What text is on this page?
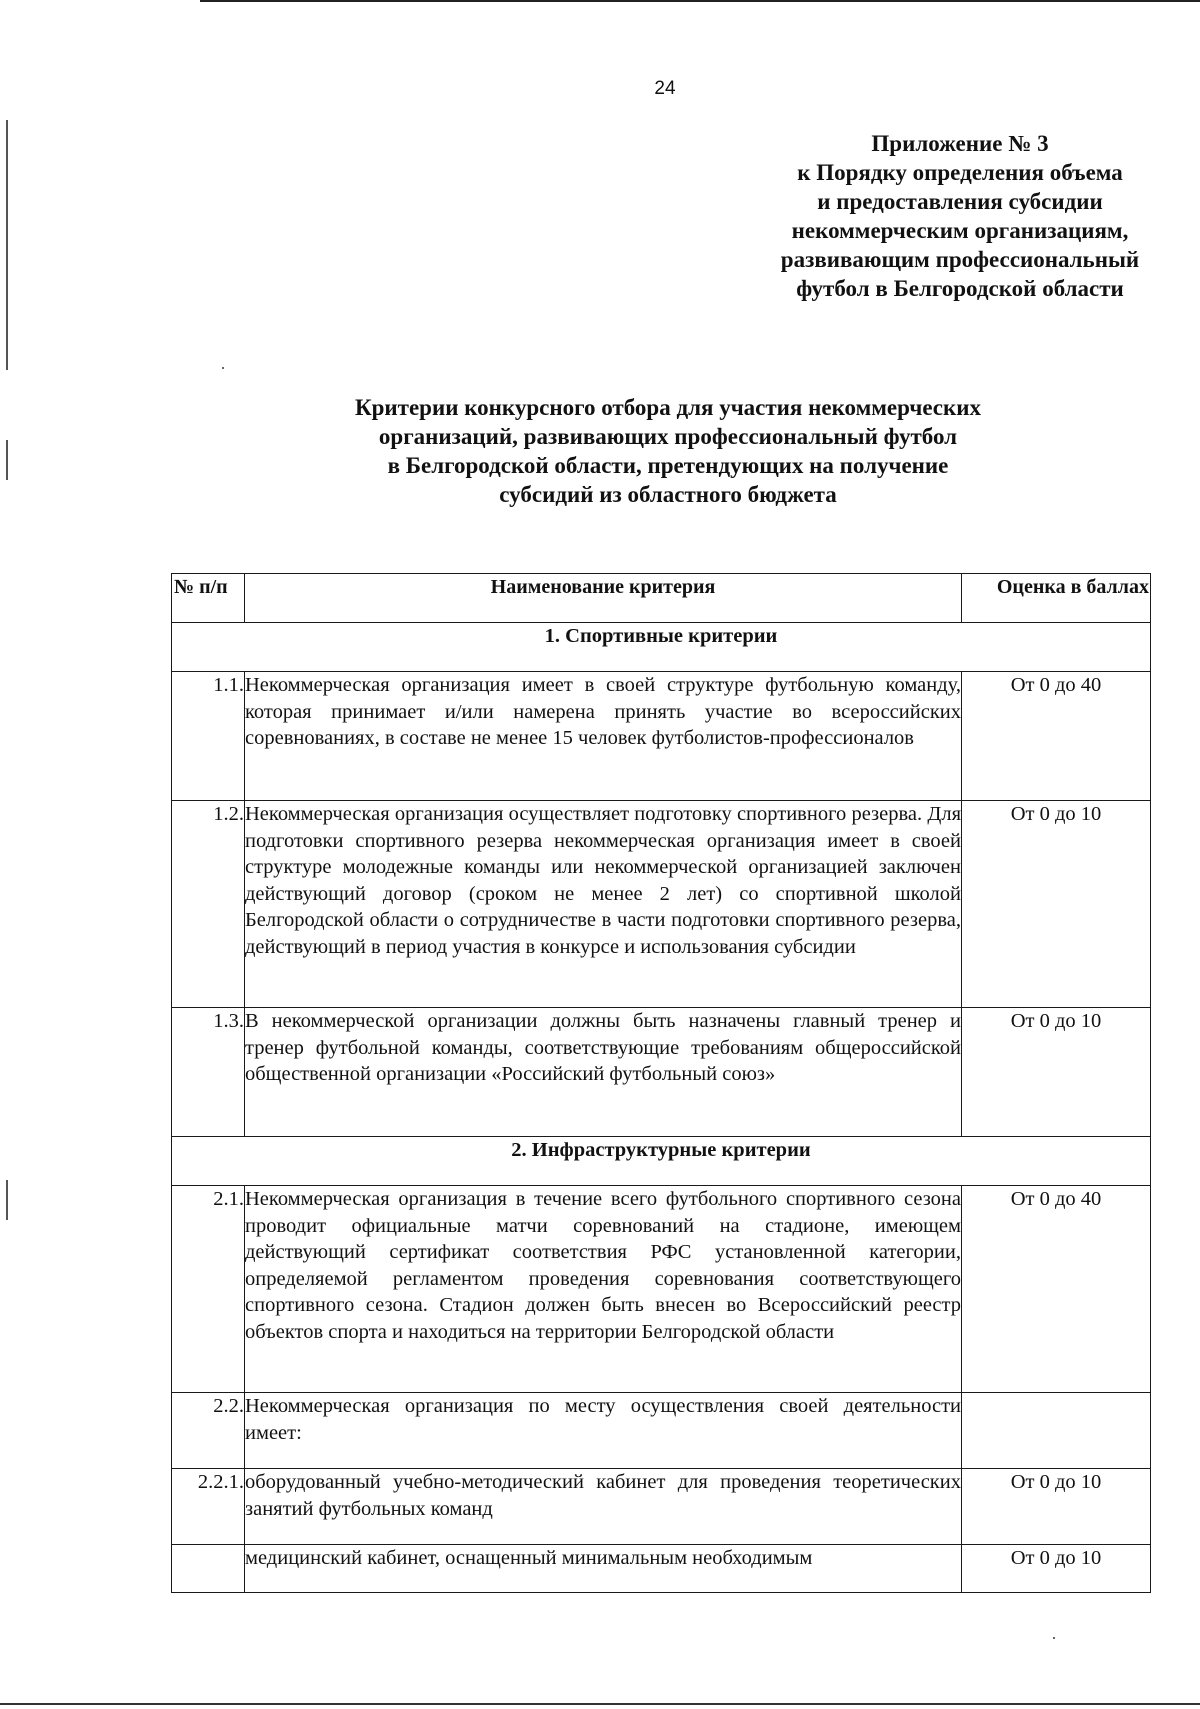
24
Приложение № 3
к Порядку определения объема
и предоставления субсидии
некоммерческим организациям,
развивающим профессиональный
футбол в Белгородской области
Критерии конкурсного отбора для участия некоммерческих
организаций, развивающих профессиональный футбол
в Белгородской области, претендующих на получение
субсидий из областного бюджета
№ п/п	Наименование критерия	Оценка в баллах
1. Спортивные критерии		
1.1.	Некоммерческая организация имеет в своей структуре футбольную команду, которая принимает и/или намерена принять участие во всероссийских соревнованиях, в составе не менее 15 человек футболистов-профессионалов	От 0 до 40
1.2.	Некоммерческая организация осуществляет подготовку спортивного резерва. Для подготовки спортивного резерва некоммерческая организация имеет в своей структуре молодежные команды или некоммерческой организацией заключен действующий договор (сроком не менее 2 лет) со спортивной школой Белгородской области о сотрудничестве в части подготовки спортивного резерва, действующий в период участия в конкурсе и использования субсидии	От 0 до 10
1.3.	В некоммерческой организации должны быть назначены главный тренер и тренер футбольной команды, соответствующие требованиям общероссийской общественной организации «Российский футбольный союз»	От 0 до 10
2. Инфраструктурные критерии		
2.1.	Некоммерческая организация в течение всего футбольного спортивного сезона проводит официальные матчи соревнований на стадионе, имеющем действующий сертификат соответствия РФС установленной категории, определяемой регламентом проведения соревнования соответствующего спортивного сезона. Стадион должен быть внесен во Всероссийский реестр объектов спорта и находиться на территории Белгородской области	От 0 до 40
2.2.	Некоммерческая организация по месту осуществления своей деятельности имеет:	
2.2.1.	оборудованный учебно-методический кабинет для проведения теоретических занятий футбольных команд	От 0 до 10
	медицинский кабинет, оснащенный минимальным необходимым	От 0 до 10
